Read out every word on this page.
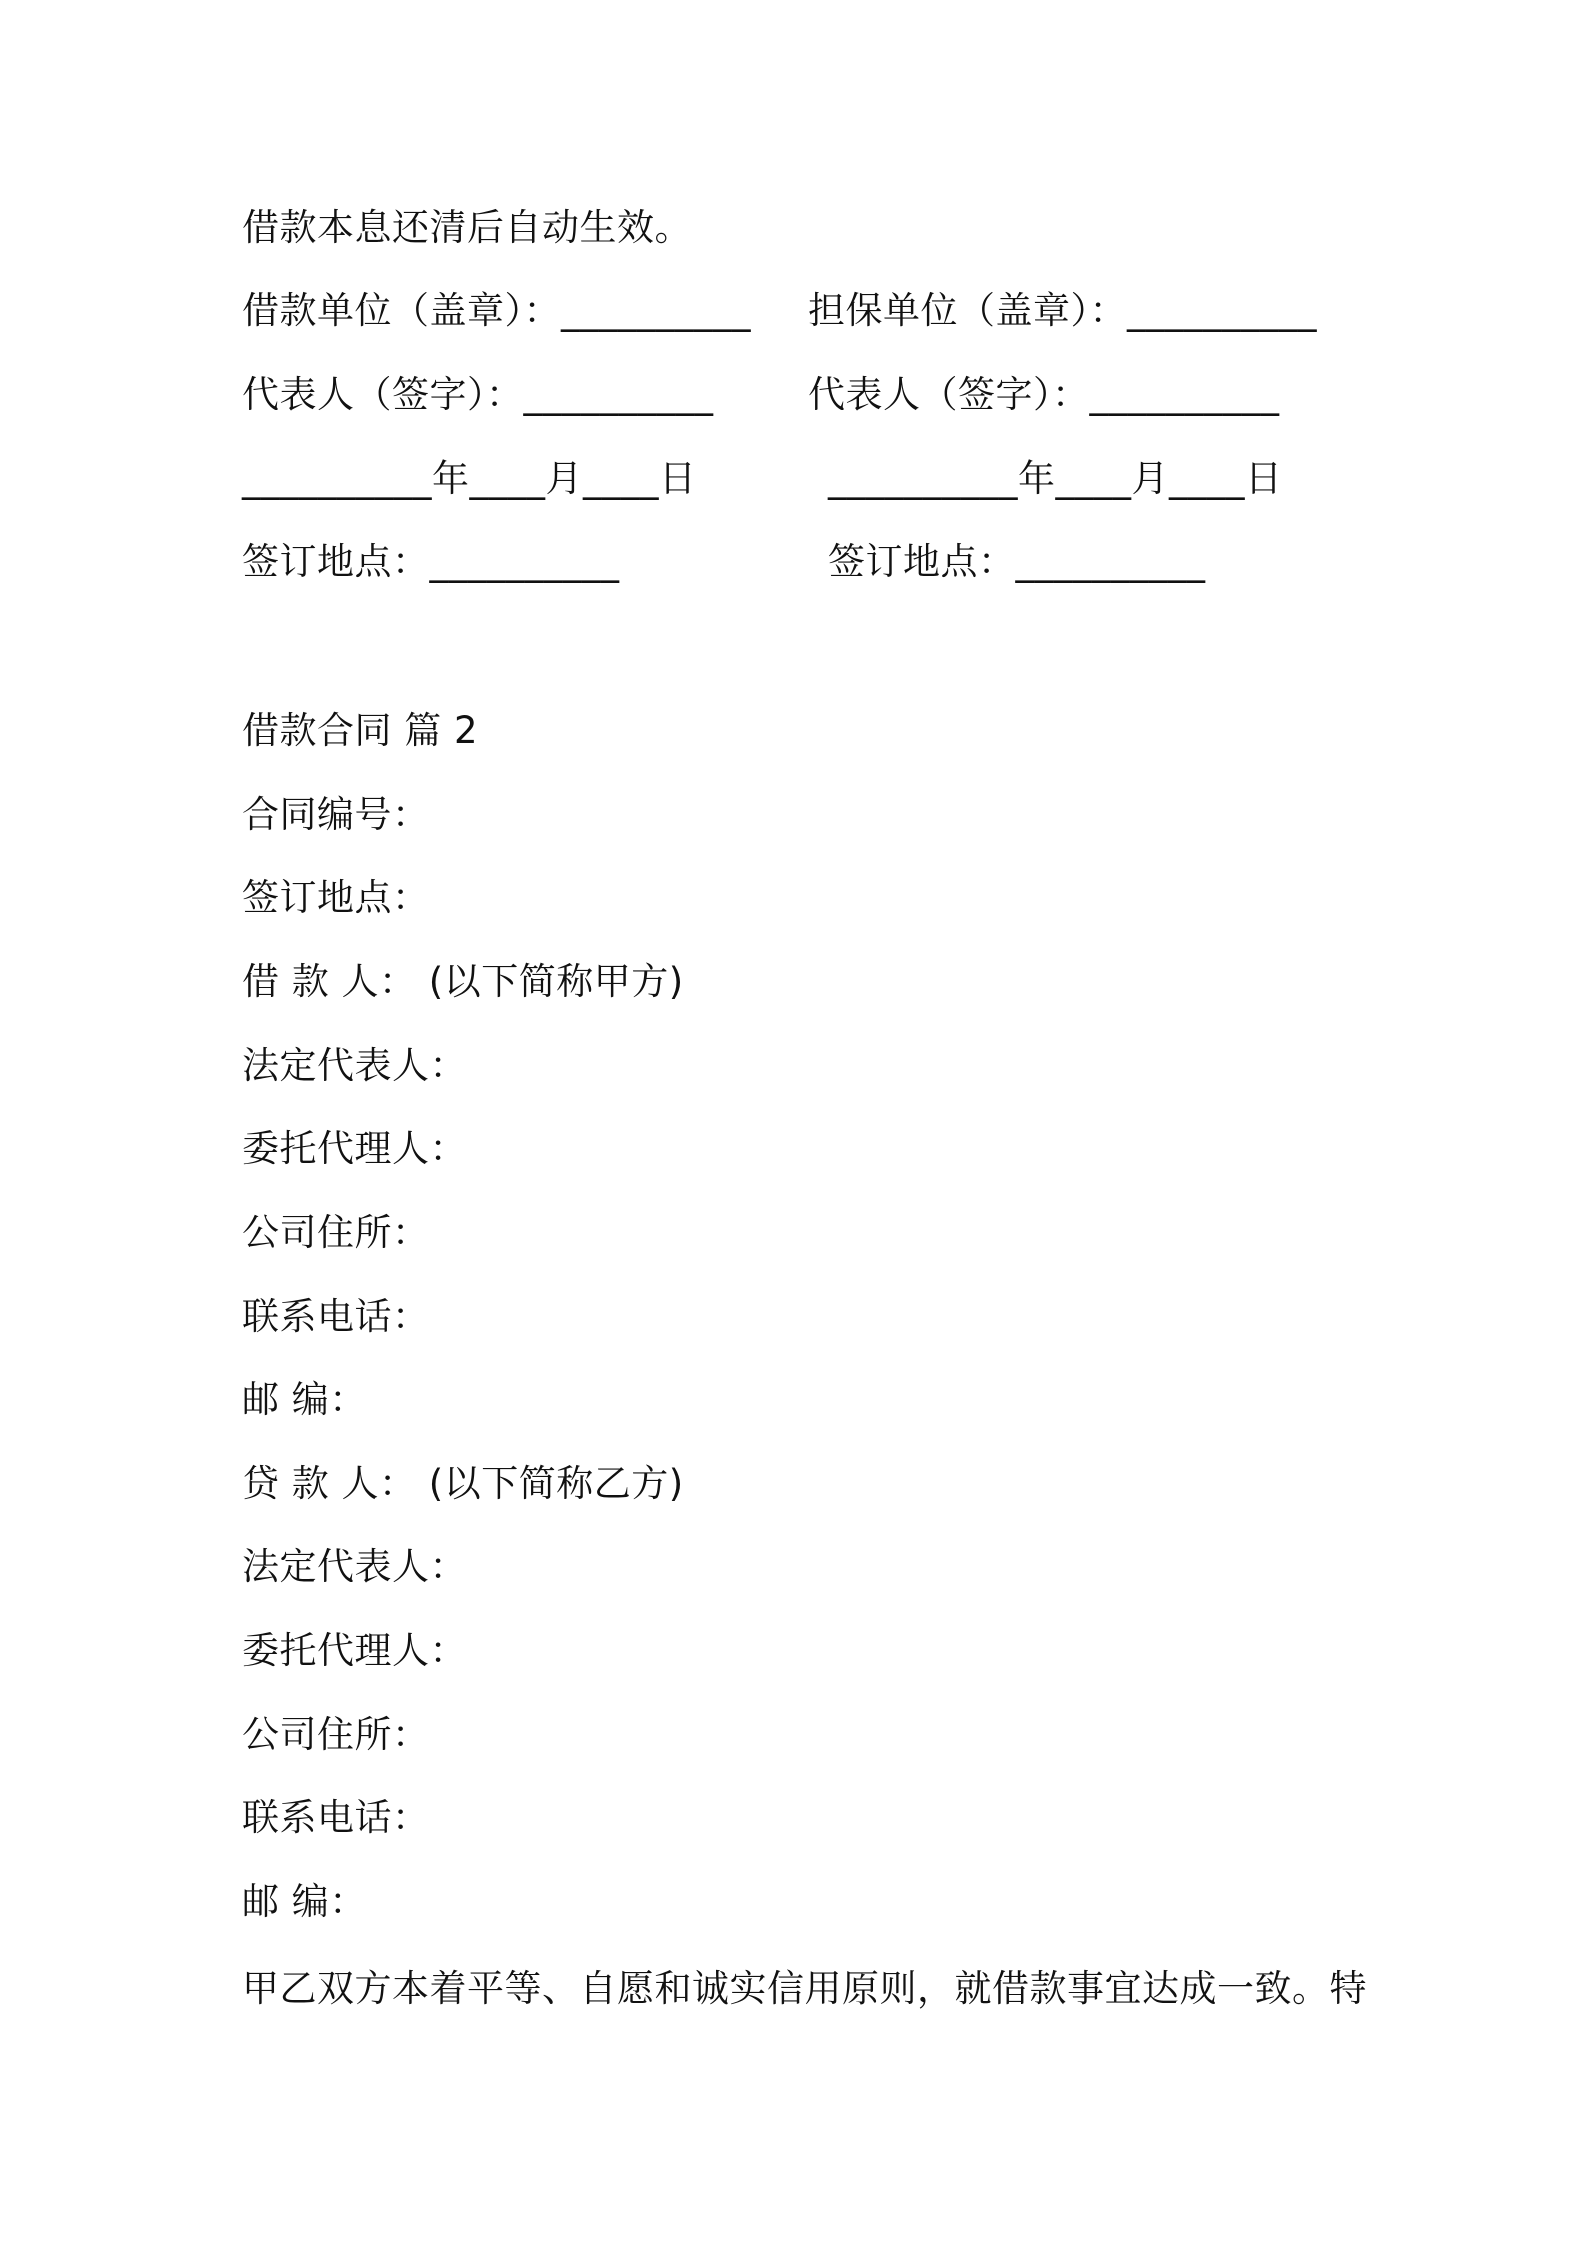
借款本息还清后自动生效。
借款单位（盖章）：__________ 担保单位（盖章）：__________
代表人（签字）：__________	代表人（签字）：__________
__________年____月____日	__________年____月____日
签订地点：__________	签订地点：__________
借款合同 篇 2
合同编号：
签订地点：
借 款 人： (以下简称甲方)
法定代表人：
委托代理人：
公司住所：
联系电话：
邮 编：
贷 款 人： (以下简称乙方)
法定代表人：
委托代理人：
公司住所：
联系电话：
邮 编：
甲乙双方本着平等、自愿和诚实信用原则，就借款事宜达成一致。特
